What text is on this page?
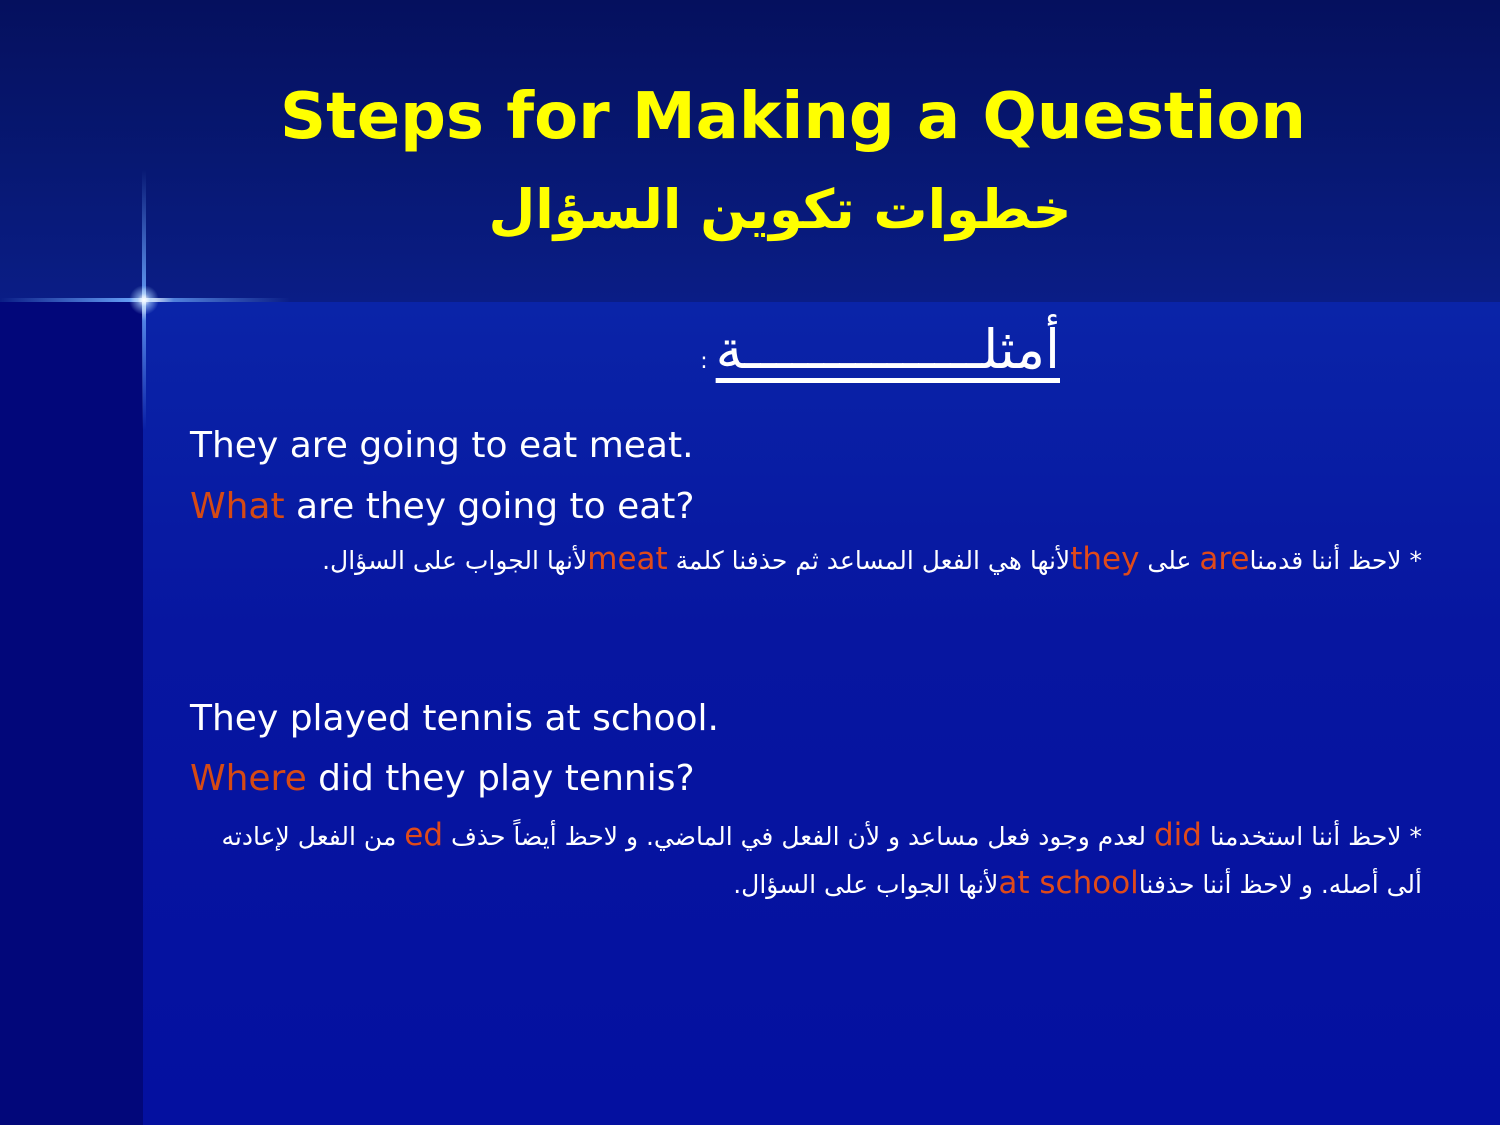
Steps for Making a Question
خطوات تكوين السؤال
أمثلـــــــــــــــة:
They are going to eat meat.
What are they going to eat?
* لاحظ أننا قدمناare على theyلأنها هي الفعل المساعد ثم حذفنا كلمة meatلأنها الجواب على السؤال.
They played tennis at school.
Where did they play tennis?
* لاحظ أننا استخدمنا did لعدم وجود فعل مساعد و لأن الفعل في الماضي. و لاحظ أيضاً حذف ed من الفعل لإعادته ألى أصله. و لاحظ أننا حذفناat schoolلأنها الجواب على السؤال.
